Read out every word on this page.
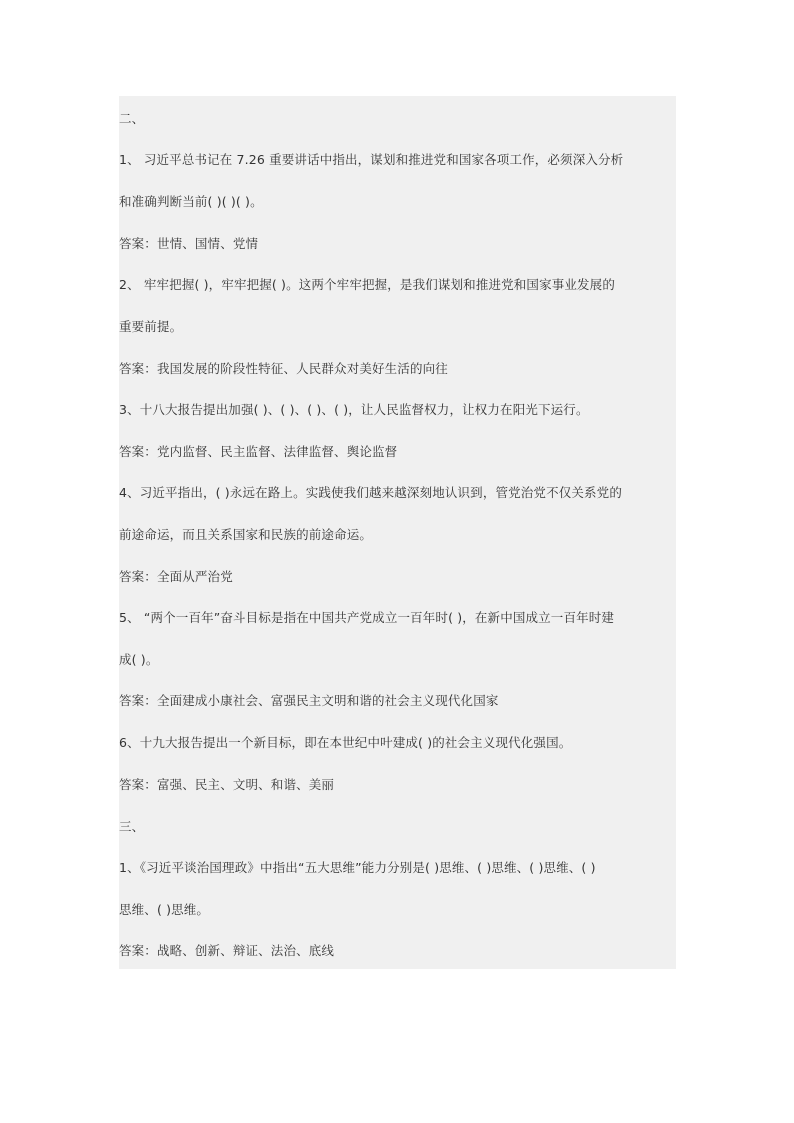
二、
1、 习近平总书记在 7.26 重要讲话中指出，谋划和推进党和国家各项工作，必须深入分析
和准确判断当前( )( )( )。
答案：世情、国情、党情
2、 牢牢把握( )，牢牢把握( )。这两个牢牢把握，是我们谋划和推进党和国家事业发展的
重要前提。
答案：我国发展的阶段性特征、人民群众对美好生活的向往
3、十八大报告提出加强( )、( )、( )、( )，让人民监督权力，让权力在阳光下运行。
答案：党内监督、民主监督、法律监督、舆论监督
4、习近平指出，( )永远在路上。实践使我们越来越深刻地认识到，管党治党不仅关系党的
前途命运，而且关系国家和民族的前途命运。
答案：全面从严治党
5、 “两个一百年”奋斗目标是指在中国共产党成立一百年时( )，在新中国成立一百年时建
成( )。
答案：全面建成小康社会、富强民主文明和谐的社会主义现代化国家
6、十九大报告提出一个新目标，即在本世纪中叶建成( )的社会主义现代化强国。
答案：富强、民主、文明、和谐、美丽
三、
1、《习近平谈治国理政》中指出“五大思维”能力分别是( )思维、( )思维、( )思维、( )
思维、( )思维。
答案：战略、创新、辩证、法治、底线
